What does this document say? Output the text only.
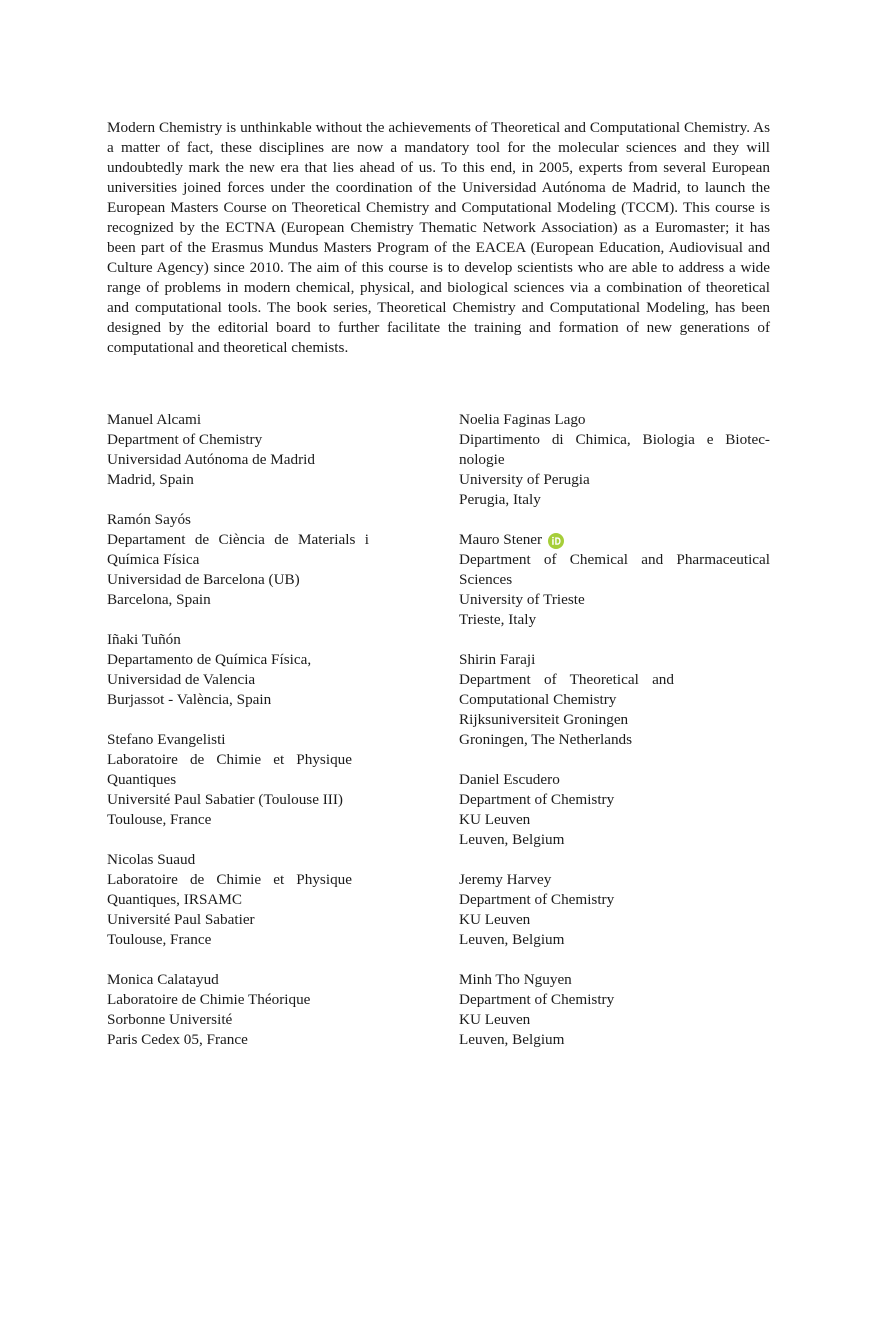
Modern Chemistry is unthinkable without the achievements of Theoretical and Computational Chemistry. As a matter of fact, these disciplines are now a mandatory tool for the molecular sciences and they will undoubtedly mark the new era that lies ahead of us. To this end, in 2005, experts from several European universities joined forces under the coordination of the Universidad Autónoma de Madrid, to launch the European Masters Course on Theoretical Chemistry and Computational Modeling (TCCM). This course is recognized by the ECTNA (European Chemistry Thematic Network Association) as a Euromaster; it has been part of the Erasmus Mundus Masters Program of the EACEA (European Education, Audiovisual and Culture Agency) since 2010. The aim of this course is to develop scientists who are able to address a wide range of problems in modern chemical, physical, and biological sciences via a combination of theoretical and computational tools. The book series, Theoretical Chemistry and Computational Modeling, has been designed by the editorial board to further facilitate the training and formation of new generations of computational and theoretical chemists.

Manuel Alcami
Department of Chemistry
Universidad Autónoma de Madrid
Madrid, Spain
Ramón Sayós
Departament de Ciència de Materials i Química Física
Universidad de Barcelona (UB)
Barcelona, Spain
Iñaki Tuñón
Departamento de Química Física,
Universidad de Valencia
Burjassot - València, Spain
Stefano Evangelisti
Laboratoire de Chimie et Physique Quantiques
Université Paul Sabatier (Toulouse III)
Toulouse, France
Nicolas Suaud
Laboratoire de Chimie et Physique Quantiques, IRSAMC
Université Paul Sabatier
Toulouse, France
Monica Calatayud
Laboratoire de Chimie Théorique
Sorbonne Université
Paris Cedex 05, France
Noelia Faginas Lago
Dipartimento di Chimica, Biologia e Biotec-nologie
University of Perugia
Perugia, Italy
Mauro Stener
Department of Chemical and Pharmaceutical Sciences
University of Trieste
Trieste, Italy
Shirin Faraji
Department of Theoretical and Computational Chemistry
Rijksuniversiteit Groningen
Groningen, The Netherlands
Daniel Escudero
Department of Chemistry
KU Leuven
Leuven, Belgium
Jeremy Harvey
Department of Chemistry
KU Leuven
Leuven, Belgium
Minh Tho Nguyen
Department of Chemistry
KU Leuven
Leuven, Belgium
